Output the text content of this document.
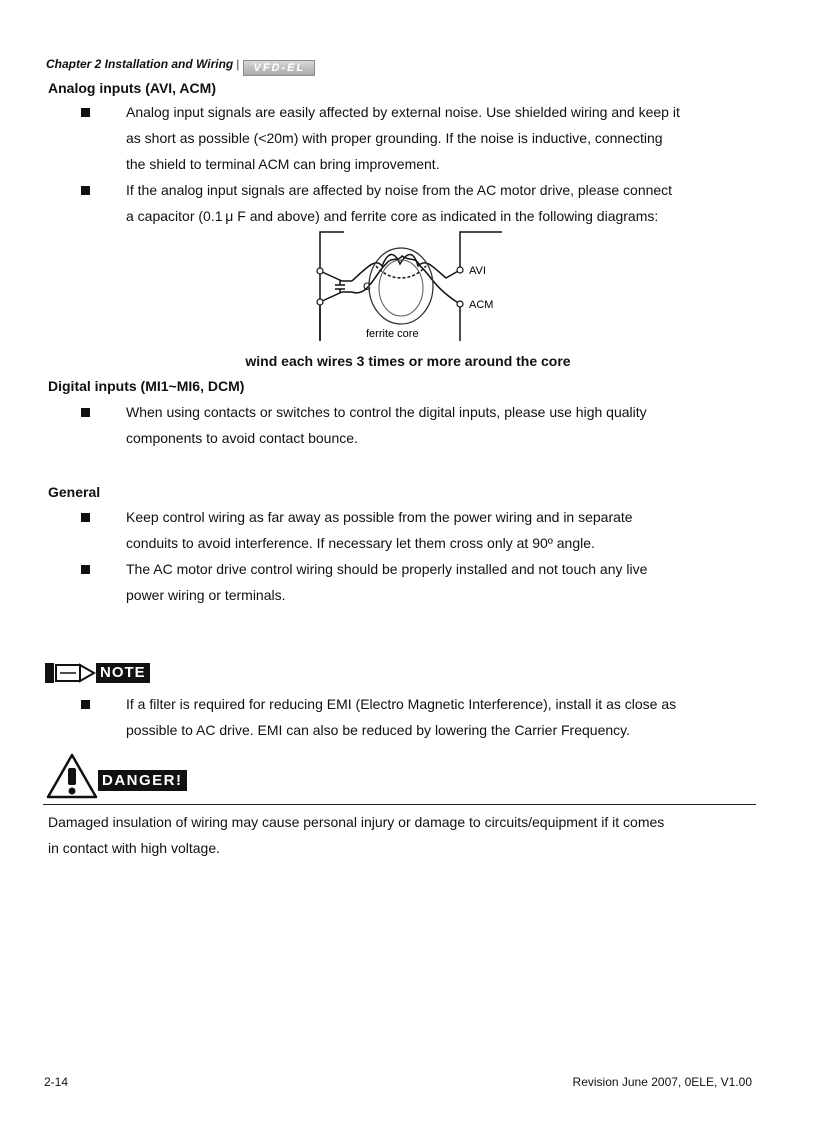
Chapter 2 Installation and Wiring | VFD-EL
Analog inputs (AVI, ACM)
Analog input signals are easily affected by external noise. Use shielded wiring and keep it
as short as possible (<20m) with proper grounding. If the noise is inductive, connecting
the shield to terminal ACM can bring improvement.
If the analog input signals are affected by noise from the AC motor drive, please connect
a capacitor (0.1 μ F and above) and ferrite core as indicated in the following diagrams:
C
AVI
ACM
ferrite core
wind each wires 3 times or more around the core
Digital inputs (MI1~MI6, DCM)
When using contacts or switches to control the digital inputs, please use high quality
components to avoid contact bounce.
General
Keep control wiring as far away as possible from the power wiring and in separate
conduits to avoid interference. If necessary let them cross only at 90º angle.
The AC motor drive control wiring should be properly installed and not touch any live
power wiring or terminals.
NOTE
If a filter is required for reducing EMI (Electro Magnetic Interference), install it as close as
possible to AC drive. EMI can also be reduced by lowering the Carrier Frequency.
DANGER!
Damaged insulation of wiring may cause personal injury or damage to circuits/equipment if it comes
in contact with high voltage.
2-14	Revision June 2007, 0ELE, V1.00
